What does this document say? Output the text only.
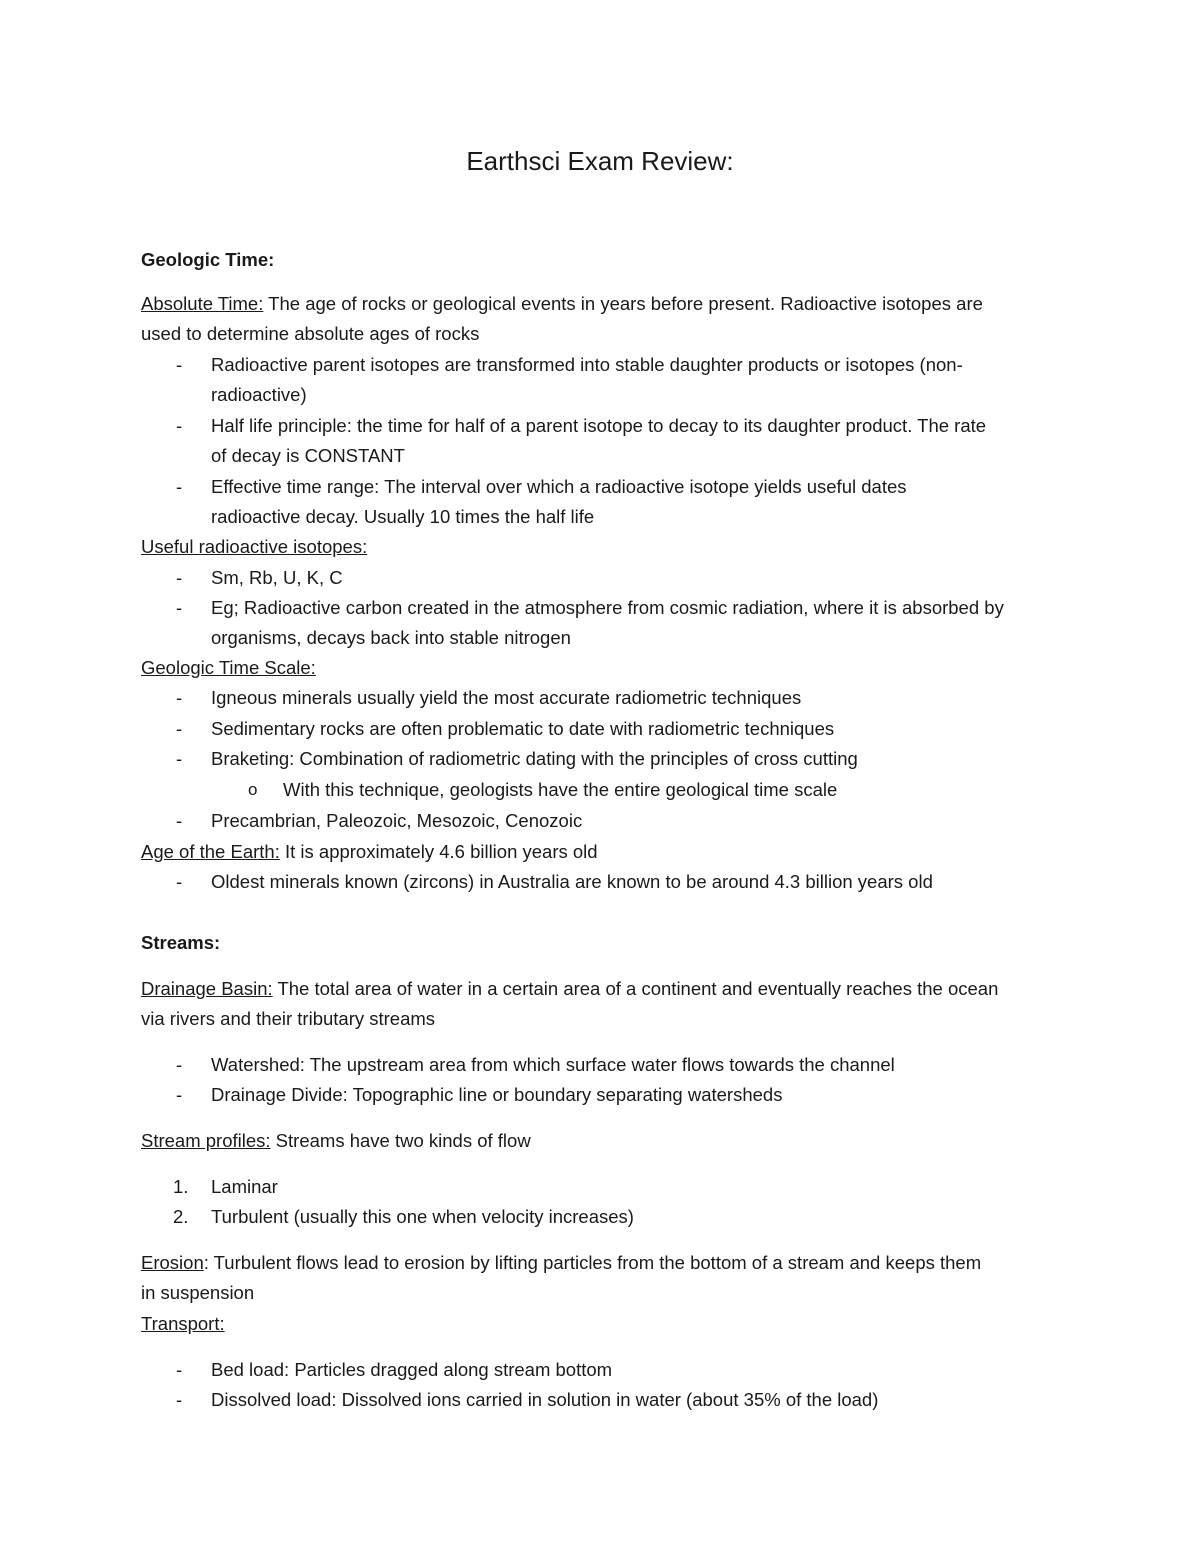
Earthsci Exam Review:
Geologic Time:
Absolute Time: The age of rocks or geological events in years before present. Radioactive isotopes are
used to determine absolute ages of rocks
- Radioactive parent isotopes are transformed into stable daughter products or isotopes (non-
radioactive)
- Half life principle: the time for half of a parent isotope to decay to its daughter product. The rate
of decay is CONSTANT
- Effective time range: The interval over which a radioactive isotope yields useful dates
radioactive decay. Usually 10 times the half life
Useful radioactive isotopes:
- Sm, Rb, U, K, C
- Eg; Radioactive carbon created in the atmosphere from cosmic radiation, where it is absorbed by
organisms, decays back into stable nitrogen
Geologic Time Scale:
- Igneous minerals usually yield the most accurate radiometric techniques
- Sedimentary rocks are often problematic to date with radiometric techniques
- Braketing: Combination of radiometric dating with the principles of cross cutting
o With this technique, geologists have the entire geological time scale
- Precambrian, Paleozoic, Mesozoic, Cenozoic
Age of the Earth: It is approximately 4.6 billion years old
- Oldest minerals known (zircons) in Australia are known to be around 4.3 billion years old
Streams:
Drainage Basin: The total area of water in a certain area of a continent and eventually reaches the ocean
via rivers and their tributary streams
- Watershed: The upstream area from which surface water flows towards the channel
- Drainage Divide: Topographic line or boundary separating watersheds
Stream profiles: Streams have two kinds of flow
1. Laminar
2. Turbulent (usually this one when velocity increases)
Erosion: Turbulent flows lead to erosion by lifting particles from the bottom of a stream and keeps them
in suspension
Transport:
- Bed load: Particles dragged along stream bottom
- Dissolved load: Dissolved ions carried in solution in water (about 35% of the load)
